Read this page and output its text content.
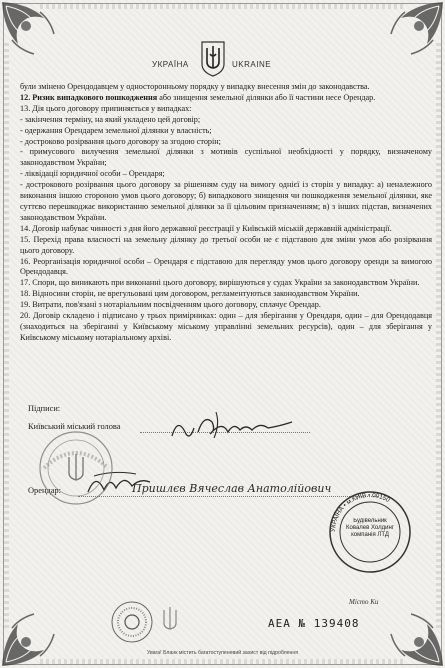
УКРАЇНА	UKRAINE

були змінено Орендодавцем у односторонньому порядку у випадку внесення змін до законодавства.

12. Ризик випадкового пошкодження або знищення земельної ділянки або її частини несе Орендар.

13. Дія цього договору припиняється у випадках:

- закінчення терміну, на який укладено цей договір;

- одержання Орендарем земельної ділянки у власність;

- достроково розірвання цього договору за згодою сторін;

- примусового вилучення земельної ділянки з мотивів суспільної необхідності у порядку, визначеному законодавством України;

- ліквідації юридичної особи – Орендаря;

- дострокового розірвання цього договору за рішенням суду на вимогу однієї із сторін у випадку: а) неналежного виконання іншою стороною умов цього договору; б) випадкового знищення чи пошкодження земельної ділянки, яке суттєво перешкоджає використанню земельної ділянки за її цільовим призначенням; в) з інших підстав, визначених законодавством України.

14. Договір набуває чинності з дня його державної реєстрації у Київській міській державній адміністрації.

15. Перехід права власності на земельну ділянку до третьої особи не є підставою для зміни умов або розірвання цього договору.

16. Реорганізація юридичної особи – Орендаря є підставою для перегляду умов цього договору оренди за вимогою Орендодавця.

17. Спори, що виникають при виконанні цього договору, вирішуються у судах України за законодавством України.

18. Відносини сторін, не врегульовані цим договором, регламентуються законодавством України.

19. Витрати, пов'язані з нотаріальним посвідченням цього договору, сплачує Орендар.

20. Договір складено і підписано у трьох примірниках: один – для зберігання у Орендаря, один – для Орендодавця (знаходиться на зберіганні у Київському міському управлінні земельних ресурсів), один – для зберігання у Київському міському нотаріальному архіві.

Підписи:
Київський міський голова
Орендар:	Пришлєв Вячеслав Анатолійович
УКРАЇНА • м.КИЇВ • 00150
Будівельник Ковалев Холдинг компанія ЛТД
Місто Ки
АЕА № 139408
Увага! Бланк містить багатоступеневий захист від підроблення
